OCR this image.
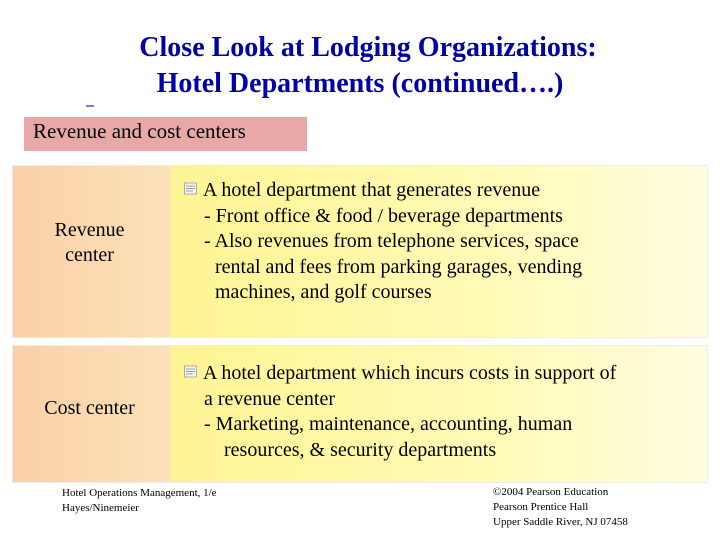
Close Look at Lodging Organizations:
Hotel Departments (continued….)
Revenue and cost centers
Revenue
center
A hotel department that generates revenue
- Front office & food / beverage departments
- Also revenues from telephone services, space
rental and fees from parking garages, vending
machines, and golf courses
Cost center
A hotel department which incurs costs in support of
a revenue center
- Marketing, maintenance, accounting, human
resources, & security departments
Hotel Operations Management, 1/e
Hayes/Ninemeier
©2004 Pearson Education
Pearson Prentice Hall
Upper Saddle River, NJ 07458
